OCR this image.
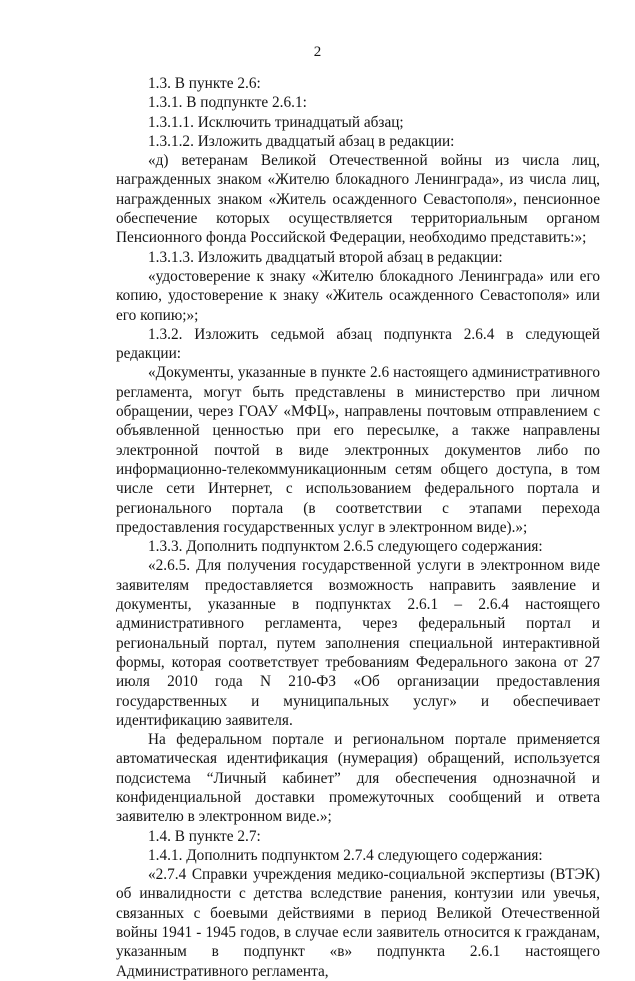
2

1.3. В пункте 2.6:

1.3.1. В подпункте 2.6.1:

1.3.1.1. Исключить тринадцатый абзац;

1.3.1.2. Изложить двадцатый абзац в редакции:

«д) ветеранам Великой Отечественной войны из числа лиц, награжденных знаком «Жителю блокадного Ленинграда», из числа лиц, награжденных знаком «Житель осажденного Севастополя», пенсионное обеспечение которых осуществляется территориальным органом Пенсионного фонда Российской Федерации, необходимо представить:»;

1.3.1.3. Изложить двадцатый второй абзац в редакции:

«удостоверение к знаку «Жителю блокадного Ленинграда» или его копию, удостоверение к знаку «Житель осажденного Севастополя» или его копию;»;

1.3.2. Изложить седьмой абзац подпункта 2.6.4 в следующей редакции:

«Документы, указанные в пункте 2.6 настоящего административного регламента, могут быть представлены в министерство при личном обращении, через ГОАУ «МФЦ», направлены почтовым отправлением с объявленной ценностью при его пересылке, а также направлены электронной почтой в виде электронных документов либо по информационно-телекоммуникационным сетям общего доступа, в том числе сети Интернет, с использованием федерального портала и регионального портала (в соответствии с этапами перехода предоставления государственных услуг в электронном виде).»;

1.3.3. Дополнить подпунктом 2.6.5 следующего содержания:

«2.6.5. Для получения государственной услуги в электронном виде заявителям предоставляется возможность направить заявление и документы, указанные в подпунктах 2.6.1 – 2.6.4 настоящего административного регламента, через федеральный портал и региональный портал, путем заполнения специальной интерактивной формы, которая соответствует требованиям Федерального закона от 27 июля 2010 года N 210-ФЗ «Об организации предоставления государственных и муниципальных услуг» и обеспечивает идентификацию заявителя.

На федеральном портале и региональном портале применяется автоматическая идентификация (нумерация) обращений, используется подсистема “Личный кабинет” для обеспечения однозначной и конфиденциальной доставки промежуточных сообщений и ответа заявителю в электронном виде.»;

1.4. В пункте 2.7:

1.4.1. Дополнить подпунктом 2.7.4 следующего содержания:

«2.7.4 Справки учреждения медико-социальной экспертизы (ВТЭК) об инвалидности с детства вследствие ранения, контузии или увечья, связанных с боевыми действиями в период Великой Отечественной войны 1941 - 1945 годов, в случае если заявитель относится к гражданам, указанным в подпункт «в» подпункта 2.6.1 настоящего Административного регламента,
